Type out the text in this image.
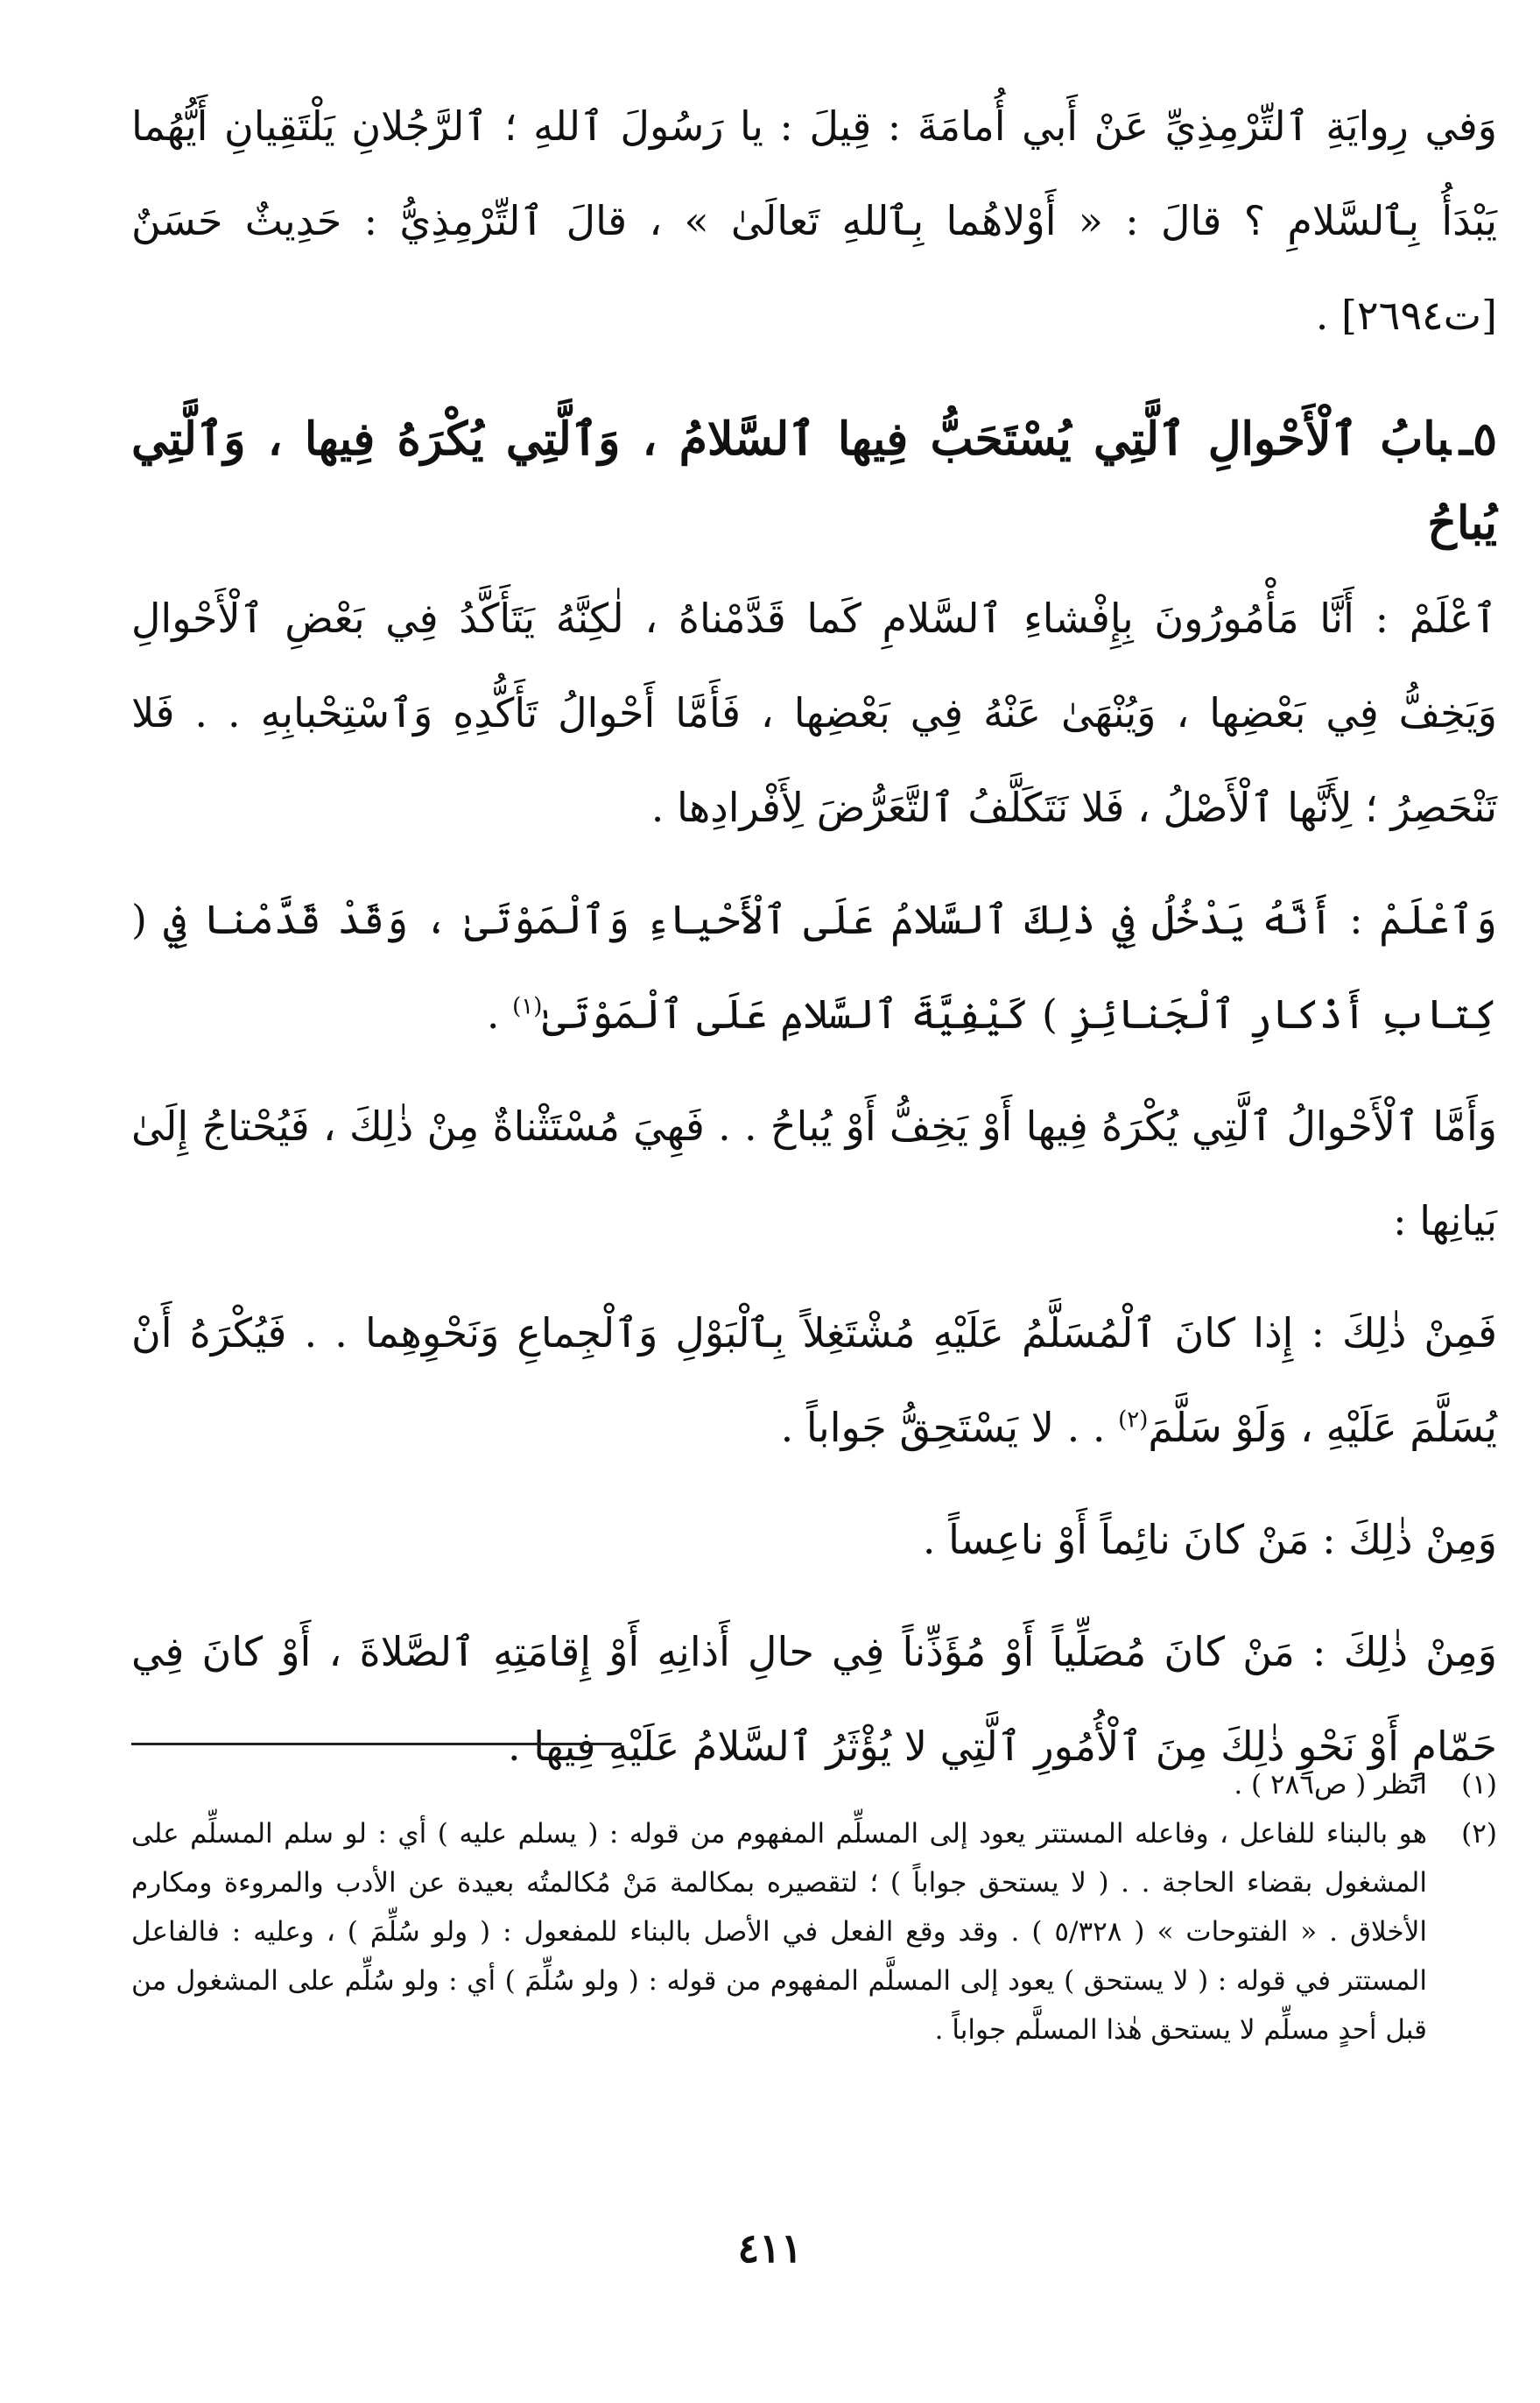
وَفي رِوايَةِ ٱلتِّرْمِذِيِّ عَنْ أَبي أُمامَةَ : قِيلَ : يا رَسُولَ ٱللهِ ؛ ٱلرَّجُلانِ يَلْتَقِيانِ أَيُّهُما يَبْدَأُ بِٱلسَّلامِ ؟ قالَ : « أَوْلاهُما بِٱللهِ تَعالَىٰ » ، قالَ ٱلتِّرْمِذِيُّ : حَدِيثٌ حَسَنٌ [ت٢٦٩٤] .

٥ـبابُ ٱلْأَحْوالِ ٱلَّتِي يُسْتَحَبُّ فِيها ٱلسَّلامُ ، وَٱلَّتِي يُكْرَهُ فِيها ، وَٱلَّتِي يُباحُ

ٱعْلَمْ : أَنَّا مَأْمُورُونَ بِإِفْشاءِ ٱلسَّلامِ كَما قَدَّمْناهُ ، لٰكِنَّهُ يَتَأَكَّدُ فِي بَعْضِ ٱلْأَحْوالِ وَيَخِفُّ فِي بَعْضِها ، وَيُنْهَىٰ عَنْهُ فِي بَعْضِها ، فَأَمَّا أَحْوالُ تَأَكُّدِهِ وَٱسْتِحْبابِهِ . . فَلا تَنْحَصِرُ ؛ لِأَنَّها ٱلْأَصْلُ ، فَلا نَتَكَلَّفُ ٱلتَّعَرُّضَ لِأَفْرادِها .

وَٱعْلَمْ : أَنَّهُ يَدْخُلُ فِي ذٰلِكَ ٱلسَّلامُ عَلَى ٱلْأَحْياءِ وَٱلْمَوْتَىٰ ، وَقَدْ قَدَّمْنا فِي ( كِتابِ أَذْكارِ ٱلْجَنائِزِ ) كَيْفِيَّةَ ٱلسَّلامِ عَلَى ٱلْمَوْتَىٰ$^{(١)}$ .

وَأَمَّا ٱلْأَحْوالُ ٱلَّتِي يُكْرَهُ فِيها أَوْ يَخِفُّ أَوْ يُباحُ . . فَهِيَ مُسْتَثْناةٌ مِنْ ذٰلِكَ ، فَيُحْتاجُ إِلَىٰ بَيانِها :

فَمِنْ ذٰلِكَ : إِذا كانَ ٱلْمُسَلَّمُ عَلَيْهِ مُشْتَغِلاً بِٱلْبَوْلِ وَٱلْجِماعِ وَنَحْوِهِما . . فَيُكْرَهُ أَنْ يُسَلَّمَ عَلَيْهِ ، وَلَوْ سَلَّمَ$^{(٢)}$ . . لا يَسْتَحِقُّ جَواباً .

وَمِنْ ذٰلِكَ : مَنْ كانَ نائِماً أَوْ ناعِساً .

وَمِنْ ذٰلِكَ : مَنْ كانَ مُصَلِّياً أَوْ مُؤَذِّناً فِي حالِ أَذانِهِ أَوْ إِقامَتِهِ ٱلصَّلاةَ ، أَوْ كانَ فِي حَمّامٍ أَوْ نَحْوِ ذٰلِكَ مِنَ ٱلْأُمُورِ ٱلَّتِي لا يُؤْثَرُ ٱلسَّلامُ عَلَيْهِ فِيها .

(١)
انظر ( ص٢٨٦ ) .
(٢)
هو بالبناء للفاعل ، وفاعله المستتر يعود إلى المسلِّم المفهوم من قوله : ( يسلم عليه ) أي : لو سلم المسلِّم على المشغول بقضاء الحاجة . . ( لا يستحق جواباً ) ؛ لتقصيره بمكالمة مَنْ مُكالمتُه بعيدة عن الأدب والمروءة ومكارم الأخلاق . « الفتوحات » ( ٥/٣٢٨ ) . وقد وقع الفعل في الأصل بالبناء للمفعول : ( ولو سُلِّمَ ) ، وعليه : فالفاعل المستتر في قوله : ( لا يستحق ) يعود إلى المسلَّم المفهوم من قوله : ( ولو سُلِّمَ ) أي : ولو سُلِّم على المشغول من قبل أحدٍ مسلِّم لا يستحق هٰذا المسلَّم جواباً .
٤١١
